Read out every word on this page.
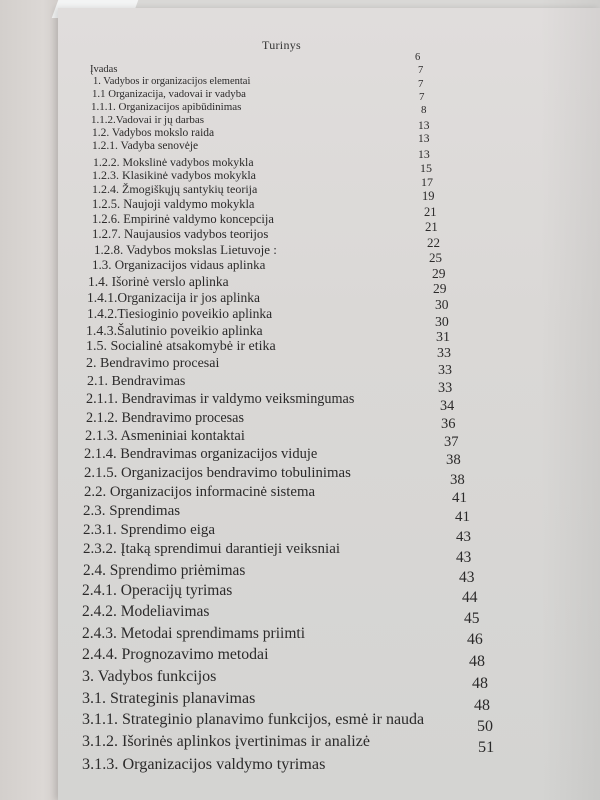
Turinys
Įvadas
6
1. Vadybos ir organizacijos elementai
7
1.1 Organizacija, vadovai ir vadyba
7
1.1.1. Organizacijos apibūdinimas
7
1.1.2.Vadovai ir jų darbas
8
1.2. Vadybos mokslo raida
13
1.2.1. Vadyba senovėje
13
1.2.2. Mokslinė vadybos mokykla
13
1.2.3. Klasikinė vadybos mokykla	15
1.2.4. Žmogiškųjų santykių teorija	17
1.2.5. Naujoji valdymo mokykla
19
1.2.6. Empirinė valdymo koncepcija	21
1.2.7. Naujausios vadybos teorijos	21
1.2.8. Vadybos mokslas Lietuvoje :	22
1.3. Organizacijos vidaus aplinka	25
1.4. Išorinė verslo aplinka
29
1.4.1.Organizacija ir jos aplinka
29
1.4.2.Tiesioginio poveikio aplinka
30
1.4.3.Šalutinio poveikio aplinka
30
1.5. Socialinė atsakomybė ir etika
31
2. Bendravimo procesai
33
2.1. Bendravimas
33
2.1.1. Bendravimas ir valdymo veiksmingumas
33
2.1.2. Bendravimo procesas
34
2.1.3. Asmeniniai kontaktai
36
2.1.4. Bendravimas organizacijos viduje
37
2.1.5. Organizacijos bendravimo tobulinimas
38
2.2. Organizacijos informacinė sistema
38
2.3. Sprendimas
41
2.3.1. Sprendimo eiga
41
2.3.2. Įtaką sprendimui darantieji veiksniai
43
2.4. Sprendimo priėmimas
43
2.4.1. Operacijų tyrimas
43
2.4.2. Modeliavimas
44
2.4.3. Metodai sprendimams priimti
45
2.4.4. Prognozavimo metodai
46
3. Vadybos funkcijos
48
3.1. Strateginis planavimas
48
3.1.1. Strateginio planavimo funkcijos, esmė ir nauda
48
3.1.2. Išorinės aplinkos įvertinimas ir analizė
50
3.1.3. Organizacijos valdymo tyrimas
51
